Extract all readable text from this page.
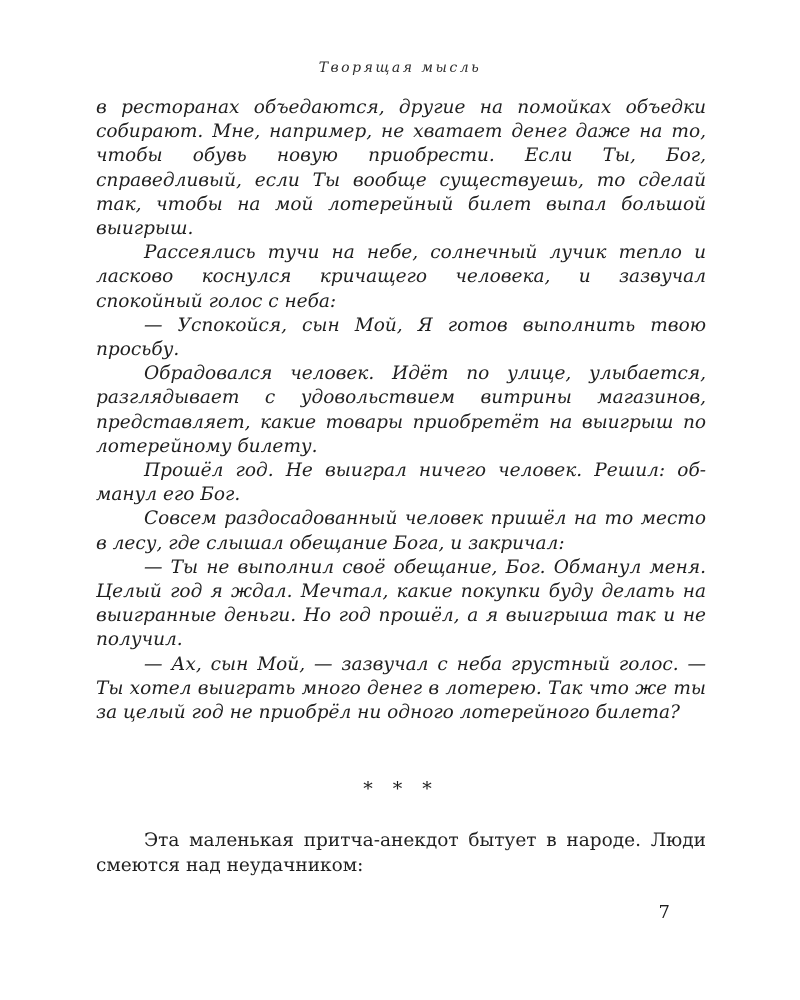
Творящая мысль

в ресторанах объедаются, другие на помойках объедки собирают. Мне, например, не хватает денег даже на то, чтобы обувь новую приобрести. Если Ты, Бог, справедливый, если Ты вообще существуешь, то сделай так, чтобы на мой лотерейный билет выпал большой выигрыш.

Рассеялись тучи на небе, солнечный лучик тепло и ласково коснулся кричащего человека, и зазвучал спокойный голос с неба:

— Успокойся, сын Мой, Я готов выполнить твою просьбу.

Обрадовался человек. Идёт по улице, улыбается, разглядывает с удовольствием витрины магазинов, представляет, какие товары приобретёт на выигрыш по лотерейному билету.

Прошёл год. Не выиграл ничего человек. Решил: обманул его Бог.

Совсем раздосадованный человек пришёл на то место в лесу, где слышал обещание Бога, и закричал:

— Ты не выполнил своё обещание, Бог. Обманул меня. Целый год я ждал. Мечтал, какие покупки буду делать на выигранные деньги. Но год прошёл, а я выигрыша так и не получил.

— Ах, сын Мой, — зазвучал с неба грустный голос. — Ты хотел выиграть много денег в лотерею. Так что же ты за целый год не приобрёл ни одного лотерейного билета?

* * *

Эта маленькая притча-анекдот бытует в народе. Люди смеются над неудачником:

7
